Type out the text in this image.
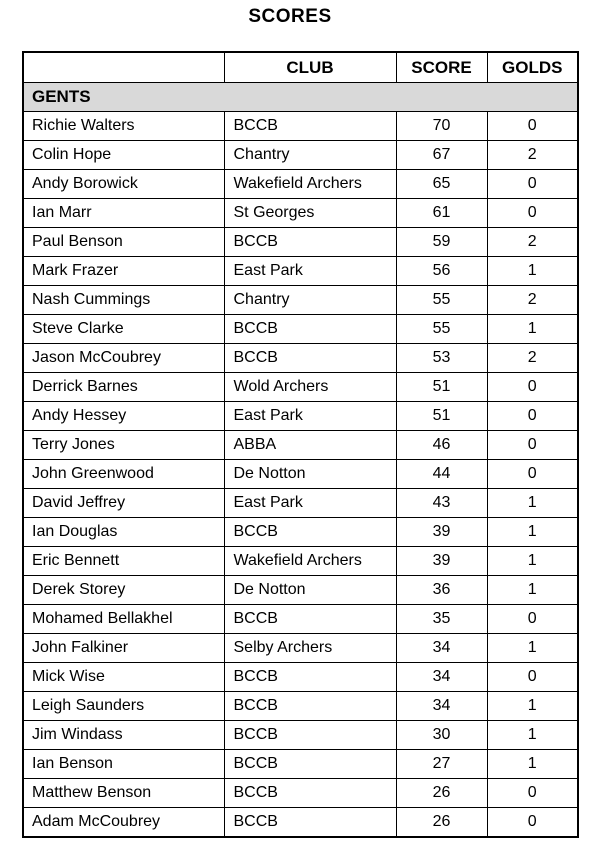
SCORES
	CLUB	SCORE	GOLDS
GENTS			
Richie Walters	BCCB	70	0
Colin Hope	Chantry	67	2
Andy Borowick	Wakefield Archers	65	0
Ian Marr	St Georges	61	0
Paul Benson	BCCB	59	2
Mark Frazer	East Park	56	1
Nash Cummings	Chantry	55	2
Steve Clarke	BCCB	55	1
Jason McCoubrey	BCCB	53	2
Derrick Barnes	Wold Archers	51	0
Andy Hessey	East Park	51	0
Terry Jones	ABBA	46	0
John Greenwood	De Notton	44	0
David Jeffrey	East Park	43	1
Ian Douglas	BCCB	39	1
Eric Bennett	Wakefield Archers	39	1
Derek Storey	De Notton	36	1
Mohamed Bellakhel	BCCB	35	0
John Falkiner	Selby Archers	34	1
Mick Wise	BCCB	34	0
Leigh Saunders	BCCB	34	1
Jim Windass	BCCB	30	1
Ian Benson	BCCB	27	1
Matthew Benson	BCCB	26	0
Adam McCoubrey	BCCB	26	0
